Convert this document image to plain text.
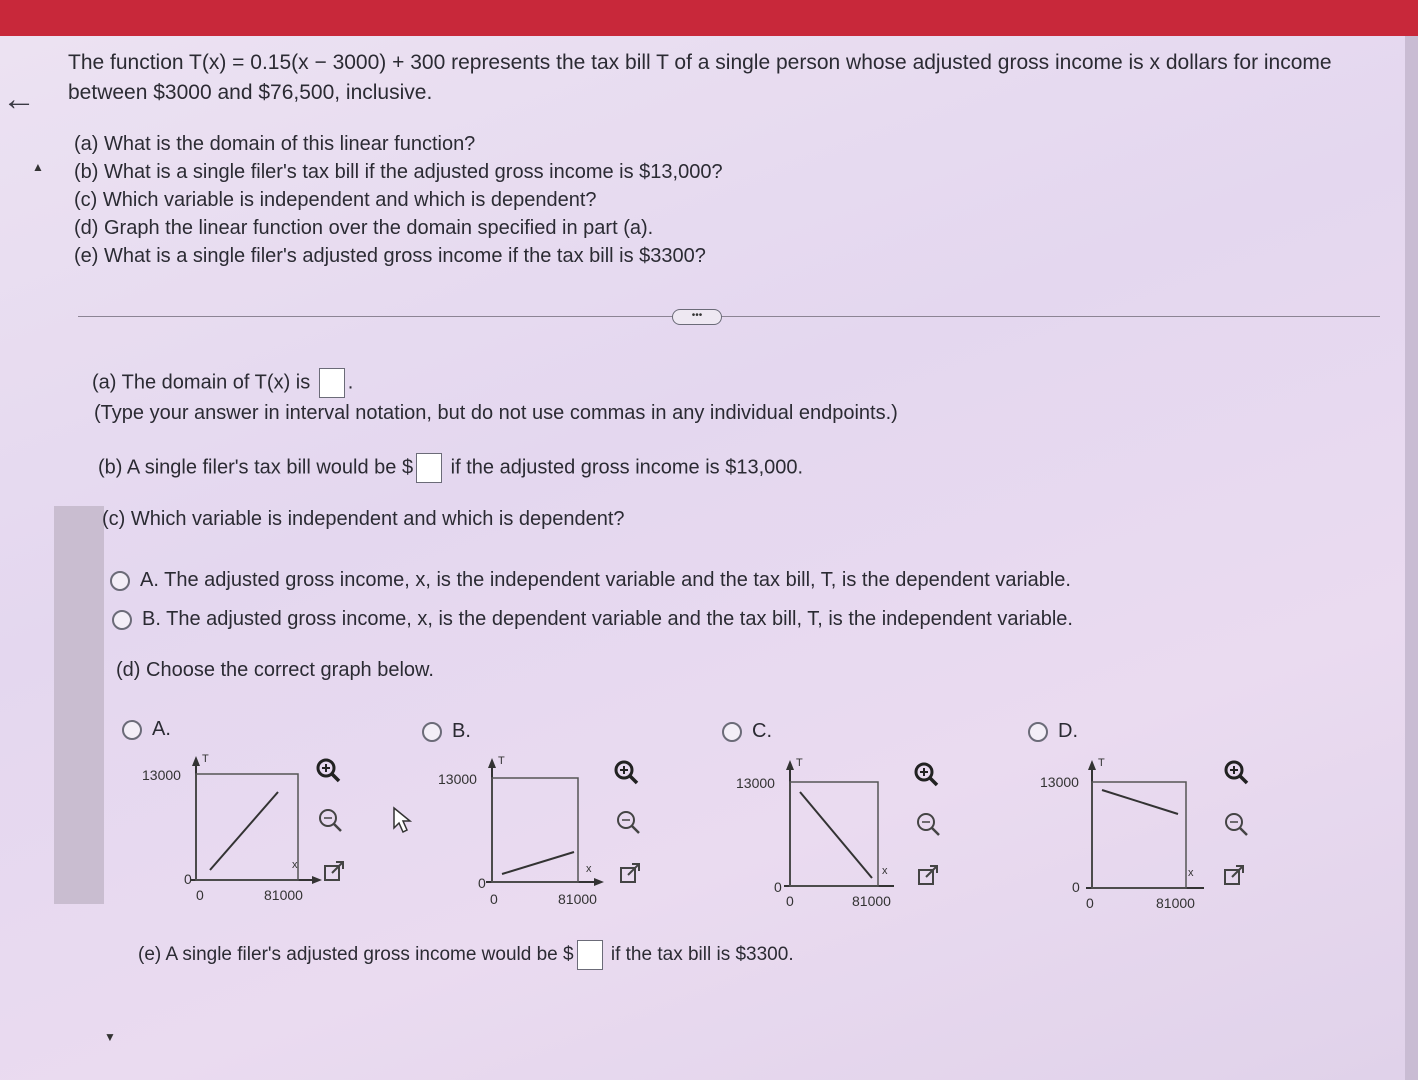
←
▲
▼
The function T(x) = 0.15(x − 3000) + 300 represents the tax bill T of a single person whose adjusted gross income is x dollars for income
between $3000 and $76,500, inclusive.
(a) What is the domain of this linear function?
(b) What is a single filer's tax bill if the adjusted gross income is $13,000?
(c) Which variable is independent and which is dependent?
(d) Graph the linear function over the domain specified in part (a).
(e) What is a single filer's adjusted gross income if the tax bill is $3300?
•••
(a) The domain of T(x) is .
(Type your answer in interval notation, but do not use commas in any individual endpoints.)
(b) A single filer's tax bill would be $ if the adjusted gross income is $13,000.
(c) Which variable is independent and which is dependent?
A. The adjusted gross income, x, is the independent variable and the tax bill, T, is the dependent variable.
B. The adjusted gross income, x, is the dependent variable and the tax bill, T, is the independent variable.
(d) Choose the correct graph below.
A.	B.	C.	D.
13000
0
0	81000
T
x
13000
0
0	81000
T
x
13000
0
0	81000
T
x
13000
0
0	81000
T
x
(e) A single filer's adjusted gross income would be $ if the tax bill is $3300.
